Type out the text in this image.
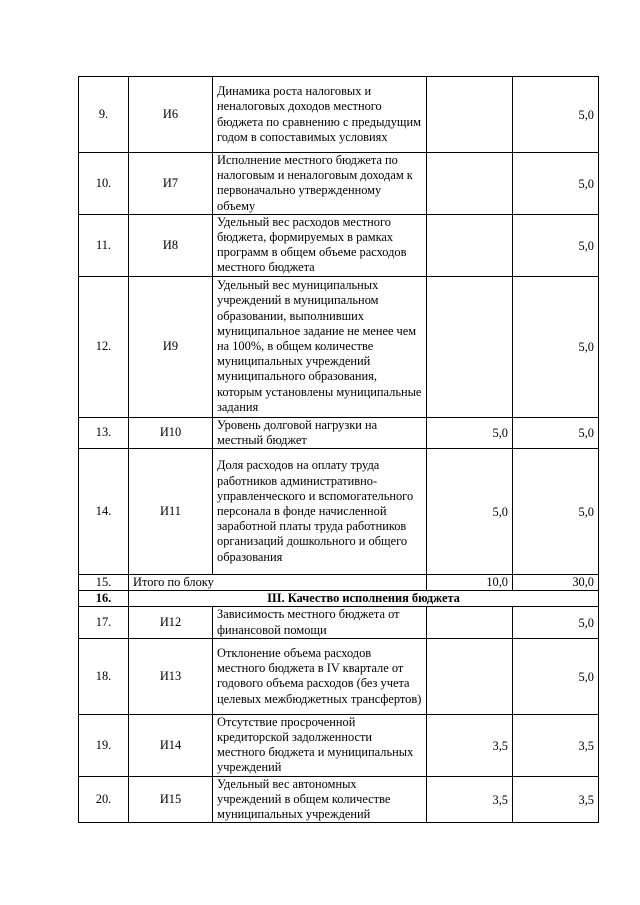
9.	И6	Динамика роста налоговых и неналоговых доходов местного бюджета по сравнению с предыдущим годом в сопоставимых условиях		5,0

10.	И7	Исполнение местного бюджета по налоговым и неналоговым доходам к первоначально утвержденному объему		5,0

11.	И8	Удельный вес расходов местного бюджета, формируемых в рамках программ в общем объеме расходов местного бюджета		5,0

12.	И9	Удельный вес муниципальных учреждений в муниципальном образовании, выполнивших муниципальное задание не менее чем на 100%, в общем количестве муниципальных учреждений муниципального образования, которым установлены муниципальные задания		5,0

13.	И10	Уровень долговой нагрузки на местный бюджет	5,0	5,0

14.	И11	Доля расходов на оплату труда работников административно-управленческого и вспомогательного персонала в фонде начисленной заработной платы труда работников организаций дошкольного и общего образования	5,0	5,0

15.	Итого по блоку		10,0	30,0
16.	III. Качество исполнения бюджета			
17.	И12	Зависимость местного бюджета от финансовой помощи		5,0

18.	И13	Отклонение объема расходов местного бюджета в IV квартале от годового объема расходов (без учета целевых межбюджетных трансфертов)		5,0

19.	И14	Отсутствие просроченной кредиторской задолженности местного бюджета и муниципальных учреждений	3,5	3,5

20.	И15	Удельный вес автономных учреждений в общем количестве муниципальных учреждений	3,5	3,5
